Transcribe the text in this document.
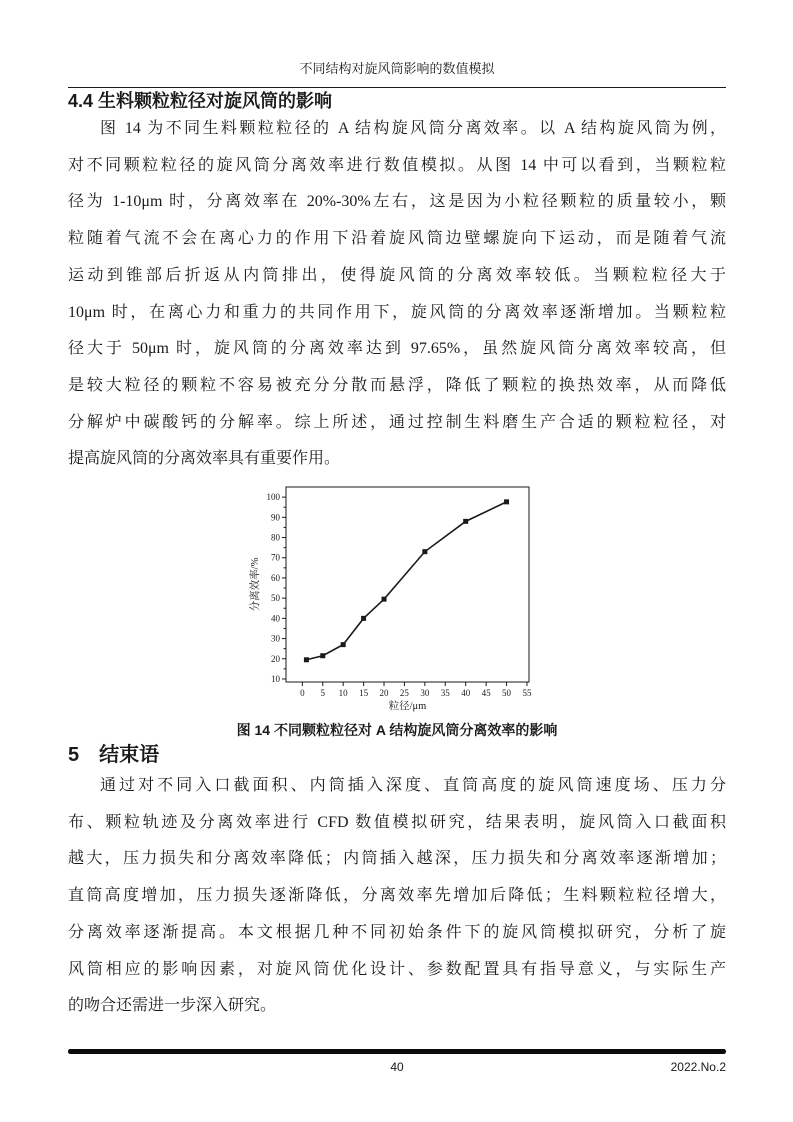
不同结构对旋风筒影响的数值模拟
4.4 生料颗粒粒径对旋风筒的影响
图 14 为不同生料颗粒粒径的 A 结构旋风筒分离效率。以 A 结构旋风筒为例，
对不同颗粒粒径的旋风筒分离效率进行数值模拟。从图 14 中可以看到，当颗粒粒
径为 1-10μm 时，分离效率在 20%-30%左右，这是因为小粒径颗粒的质量较小，颗
粒随着气流不会在离心力的作用下沿着旋风筒边壁螺旋向下运动，而是随着气流
运动到锥部后折返从内筒排出，使得旋风筒的分离效率较低。当颗粒粒径大于
10μm 时，在离心力和重力的共同作用下，旋风筒的分离效率逐渐增加。当颗粒粒
径大于 50μm 时，旋风筒的分离效率达到 97.65%，虽然旋风筒分离效率较高，但
是较大粒径的颗粒不容易被充分分散而悬浮，降低了颗粒的换热效率，从而降低
分解炉中碳酸钙的分解率。综上所述，通过控制生料磨生产合适的颗粒粒径，对
提高旋风筒的分离效率具有重要作用。
0 5 10 15 20 25 30 35 40 45 50 55
10
20
30
40
50
60
70
80
90
100
粒径/μm
分离效率/%
图 14 不同颗粒粒径对 A 结构旋风筒分离效率的影响
5　结束语
通过对不同入口截面积、内筒插入深度、直筒高度的旋风筒速度场、压力分
布、颗粒轨迹及分离效率进行 CFD 数值模拟研究，结果表明，旋风筒入口截面积
越大，压力损失和分离效率降低；内筒插入越深，压力损失和分离效率逐渐增加；
直筒高度增加，压力损失逐渐降低，分离效率先增加后降低；生料颗粒粒径增大，
分离效率逐渐提高。本文根据几种不同初始条件下的旋风筒模拟研究，分析了旋
风筒相应的影响因素，对旋风筒优化设计、参数配置具有指导意义，与实际生产
的吻合还需进一步深入研究。
40	2022.No.2
